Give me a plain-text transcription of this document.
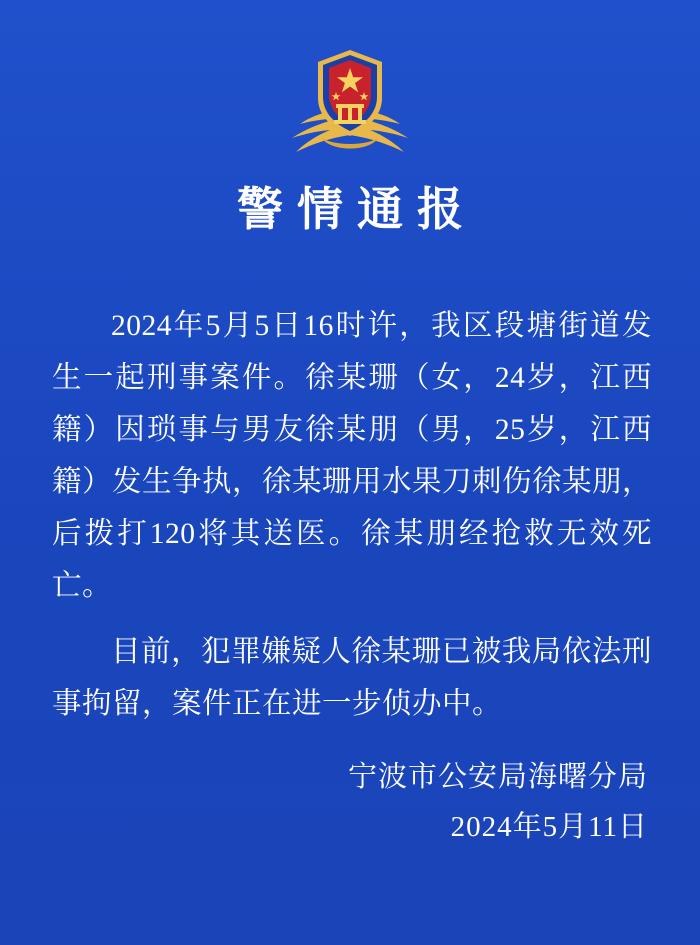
警情通报

2024年5月5日16时许，我区段塘街道发生一起刑事案件。徐某珊（女，24岁，江西籍）因琐事与男友徐某朋（男，25岁，江西籍）发生争执，徐某珊用水果刀刺伤徐某朋，后拨打120将其送医。徐某朋经抢救无效死亡。

目前，犯罪嫌疑人徐某珊已被我局依法刑事拘留，案件正在进一步侦办中。

宁波市公安局海曙分局
2024年5月11日
